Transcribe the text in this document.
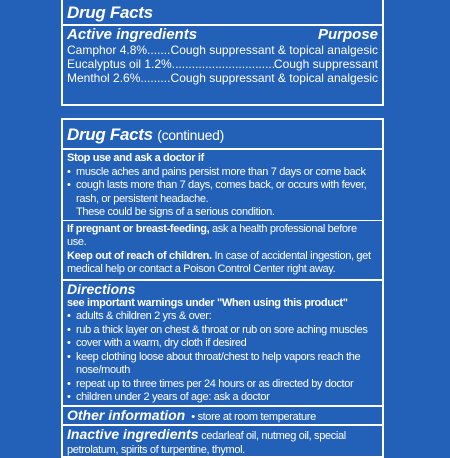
Drug Facts
Active ingredients	Purpose
Camphor 4.8% .....	Cough suppressant & topical analgesic
Eucalyptus oil 1.2% .....	Cough suppressant
Menthol 2.6% .....	Cough suppressant & topical analgesic
Drug Facts (continued)
Stop use and ask a doctor if
• muscle aches and pains persist more than 7 days or come back
• cough lasts more than 7 days, comes back, or occurs with fever, rash, or persistent headache.
These could be signs of a serious condition.
If pregnant or breast-feeding, ask a health professional before use.
Keep out of reach of children. In case of accidental ingestion, get medical help or contact a Poison Control Center right away.
Directions
see important warnings under "When using this product"
• adults & children 2 yrs & over:
• rub a thick layer on chest & throat or rub on sore aching muscles
• cover with a warm, dry cloth if desired
• keep clothing loose about throat/chest to help vapors reach the nose/mouth
• repeat up to three times per 24 hours or as directed by doctor
• children under 2 years of age: ask a doctor
Other information • store at room temperature
Inactive ingredients cedarleaf oil, nutmeg oil, special petrolatum, spirits of turpentine, thymol.
